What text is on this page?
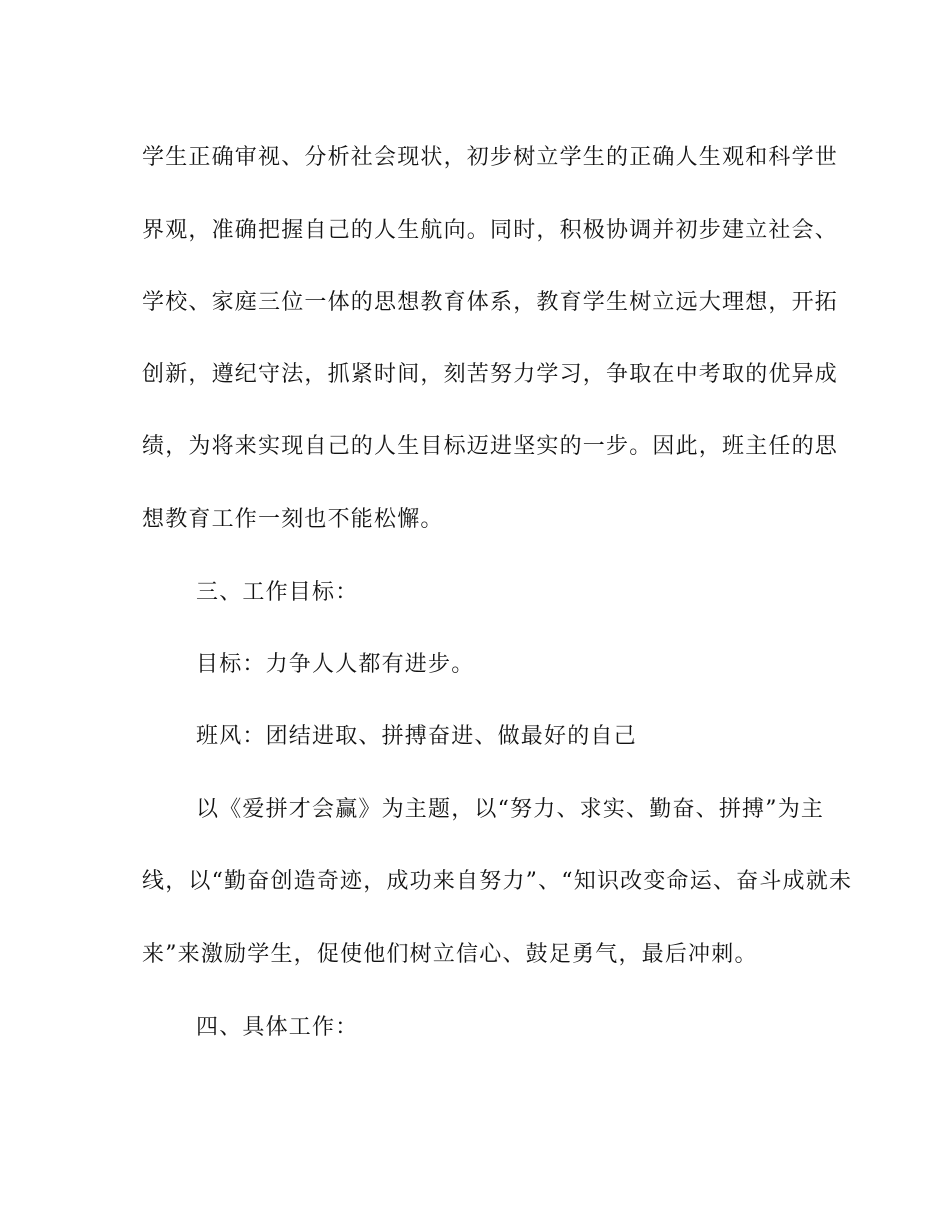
学生正确审视、分析社会现状，初步树立学生的正确人生观和科学世

界观，准确把握自己的人生航向。同时，积极协调并初步建立社会、

学校、家庭三位一体的思想教育体系，教育学生树立远大理想，开拓

创新，遵纪守法，抓紧时间，刻苦努力学习，争取在中考取的优异成

绩，为将来实现自己的人生目标迈进坚实的一步。因此，班主任的思

想教育工作一刻也不能松懈。

三、工作目标：

目标：力争人人都有进步。

班风：团结进取、拼搏奋进、做最好的自己

以《爱拼才会赢》为主题，以“努力、求实、勤奋、拼搏”为主

线，以“勤奋创造奇迹，成功来自努力”、“知识改变命运、奋斗成就未

来”来激励学生，促使他们树立信心、鼓足勇气，最后冲刺。

四、具体工作：
